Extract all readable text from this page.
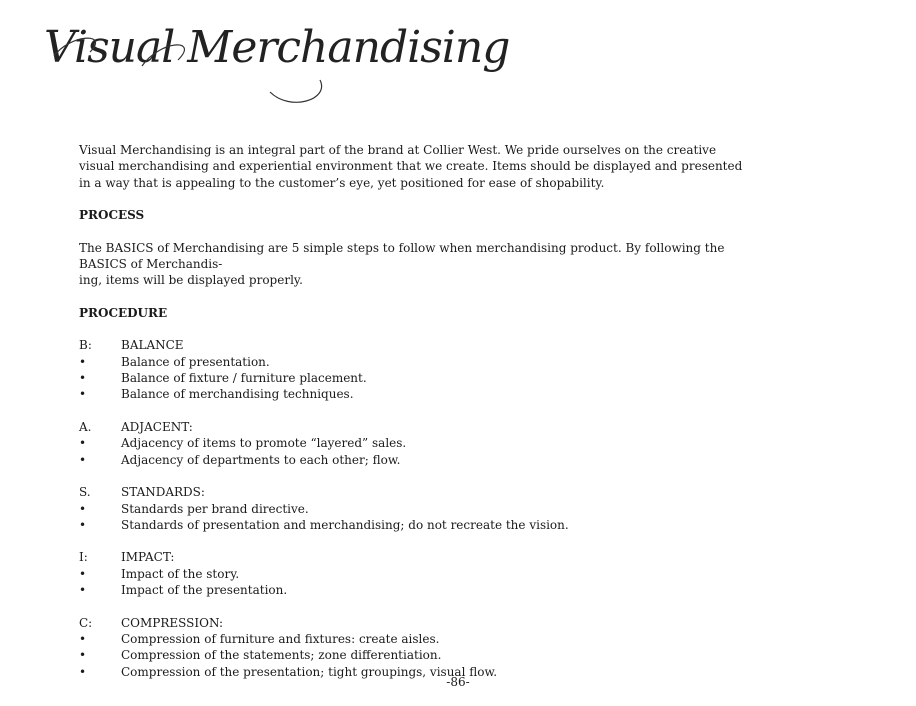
Visual Merchandising

Visual Merchandising is an integral part of the brand at Collier West. We pride ourselves on the creative visual merchandising and experiential environment that we create. Items should be displayed and presented in a way that is appealing to the customer’s eye, yet positioned for ease of shopability.

PROCESS

The BASICS of Merchandising are 5 simple steps to follow when merchandising product. By following the BASICS of Merchandis-

ing, items will be displayed properly.

PROCEDURE

B:	BALANCE
•	Balance of presentation.
•	Balance of fixture / furniture placement.
•	Balance of merchandising techniques.
A.	ADJACENT:
•	Adjacency of items to promote “layered” sales.
•	Adjacency of departments to each other; flow.
S.	STANDARDS:
•	Standards per brand directive.
•	Standards of presentation and merchandising; do not recreate the vision.
I:	IMPACT:
•	Impact of the story.
•	Impact of the presentation.
C:	COMPRESSION:
•	Compression of furniture and fixtures: create aisles.
•	Compression of the statements; zone differentiation.
•	Compression of the presentation; tight groupings, visual flow.
-86-
